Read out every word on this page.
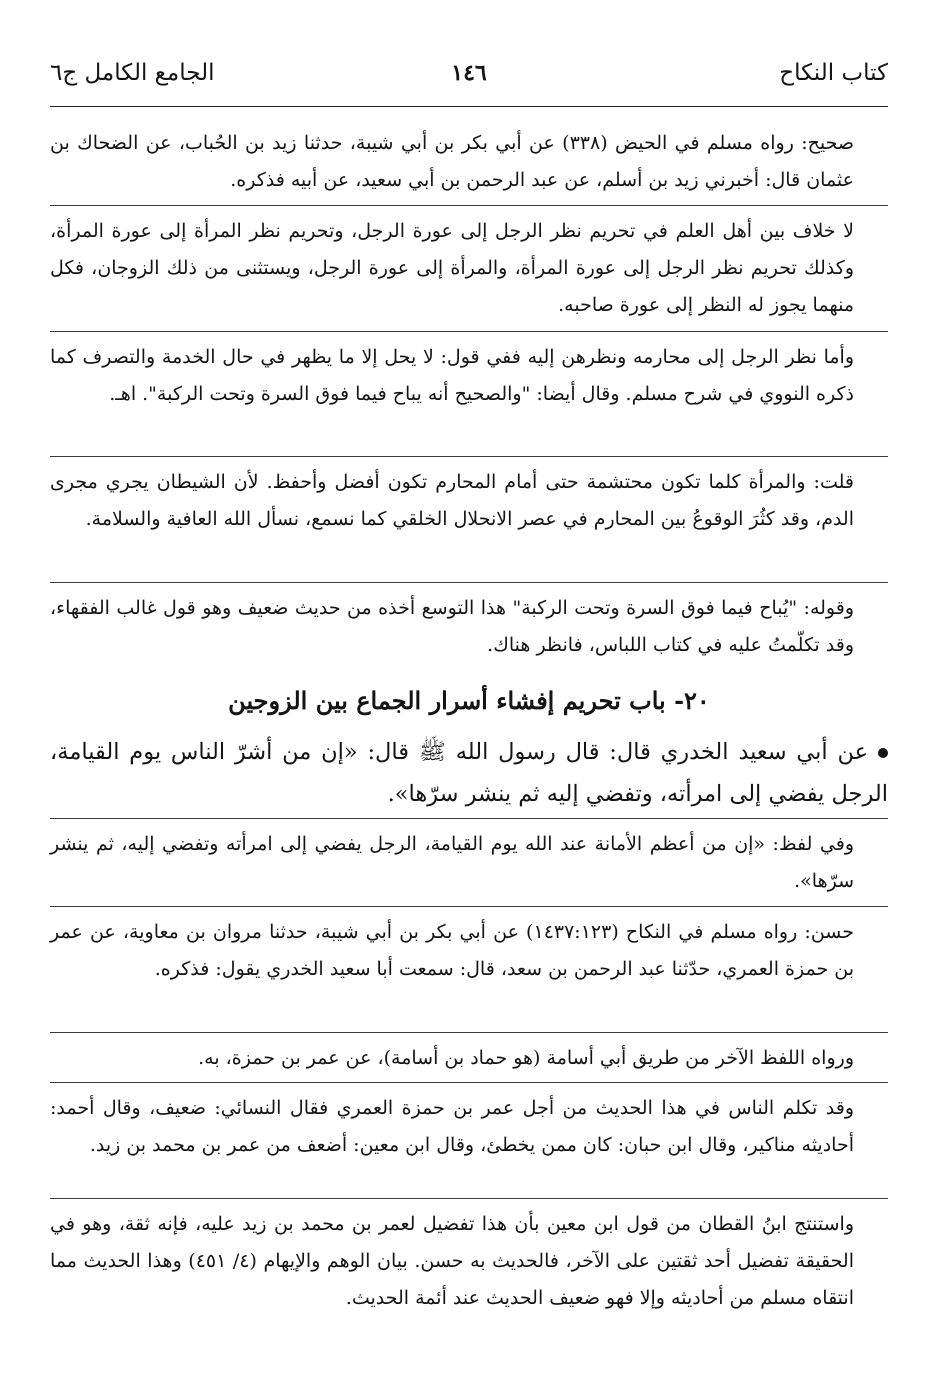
كتاب النكاح
١٤٦
الجامع الكامل ج٦

صحيح: رواه مسلم في الحيض (٣٣٨) عن أبي بكر بن أبي شيبة، حدثنا زيد بن الحُباب، عن الضحاك بن عثمان قال: أخبرني زيد بن أسلم، عن عبد الرحمن بن أبي سعيد، عن أبيه فذكره.

لا خلاف بين أهل العلم في تحريم نظر الرجل إلى عورة الرجل، وتحريم نظر المرأة إلى عورة المرأة، وكذلك تحريم نظر الرجل إلى عورة المرأة، والمرأة إلى عورة الرجل، ويستثنى من ذلك الزوجان، فكل منهما يجوز له النظر إلى عورة صاحبه.

وأما نظر الرجل إلى محارمه ونظرهن إليه ففي قول: لا يحل إلا ما يظهر في حال الخدمة والتصرف كما ذكره النووي في شرح مسلم. وقال أيضا: "والصحيح أنه يباح فيما فوق السرة وتحت الركبة". اهـ.

قلت: والمرأة كلما تكون محتشمة حتى أمام المحارم تكون أفضل وأحفظ. لأن الشيطان يجري مجرى الدم، وقد كثُرَ الوقوعُ بين المحارم في عصر الانحلال الخلقي كما نسمع، نسأل الله العافية والسلامة.

وقوله: "يُباح فيما فوق السرة وتحت الركبة" هذا التوسع أخذه من حديث ضعيف وهو قول غالب الفقهاء، وقد تكلّمتُ عليه في كتاب اللباس، فانظر هناك.

٢٠- باب تحريم إفشاء أسرار الجماع بين الزوجين

عن أبي سعيد الخدري قال: قال رسول الله ﷺ قال: «إن من أشرّ الناس يوم القيامة، الرجل يفضي إلى امرأته، وتفضي إليه ثم ينشر سرّها».

وفي لفظ: «إن من أعظم الأمانة عند الله يوم القيامة، الرجل يفضي إلى امرأته وتفضي إليه، ثم ينشر سرّها».

حسن: رواه مسلم في النكاح (١٤٣٧:١٢٣) عن أبي بكر بن أبي شيبة، حدثنا مروان بن معاوية، عن عمر بن حمزة العمري، حدّثنا عبد الرحمن بن سعد، قال: سمعت أبا سعيد الخدري يقول: فذكره.

ورواه اللفظ الآخر من طريق أبي أسامة (هو حماد بن أسامة)، عن عمر بن حمزة، به.

وقد تكلم الناس في هذا الحديث من أجل عمر بن حمزة العمري فقال النسائي: ضعيف، وقال أحمد: أحاديثه مناكير، وقال ابن حبان: كان ممن يخطئ، وقال ابن معين: أضعف من عمر بن محمد بن زيد.

واستنتج ابنُ القطان من قول ابن معين بأن هذا تفضيل لعمر بن محمد بن زيد عليه، فإنه ثقة، وهو في الحقيقة تفضيل أحد ثقتين على الآخر، فالحديث به حسن. بيان الوهم والإيهام (٤/ ٤٥١) وهذا الحديث مما انتقاه مسلم من أحاديثه وإلا فهو ضعيف الحديث عند أئمة الحديث.
